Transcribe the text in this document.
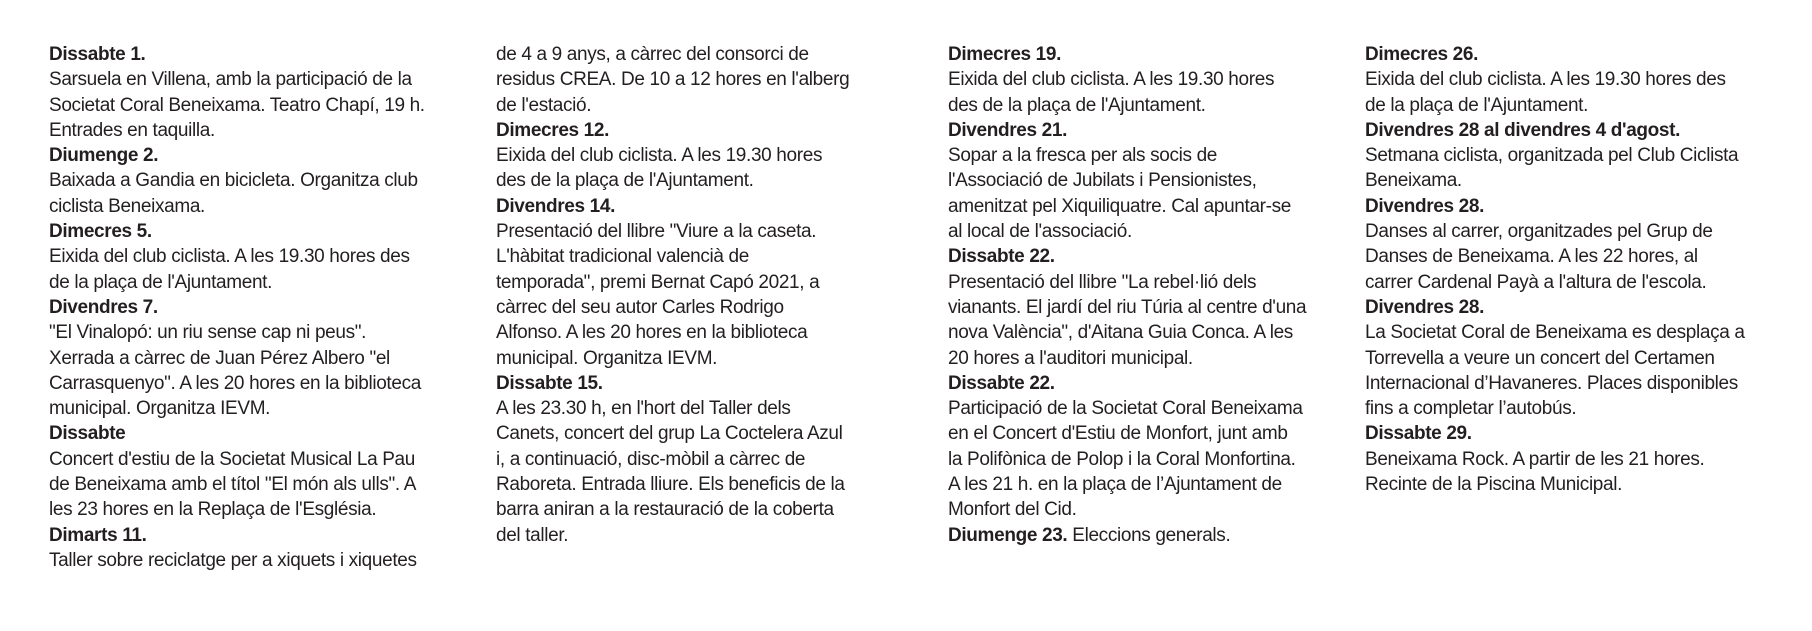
Dissabte 1.
Sarsuela en Villena, amb la participació de la
Societat Coral Beneixama. Teatro Chapí, 19 h.
Entrades en taquilla.
Diumenge 2.
Baixada a Gandia en bicicleta. Organitza club
ciclista Beneixama.
Dimecres 5.
Eixida del club ciclista. A les 19.30 hores des
de la plaça de l'Ajuntament.
Divendres 7.
"El Vinalopó: un riu sense cap ni peus".
Xerrada a càrrec de Juan Pérez Albero "el
Carrasquenyo". A les 20 hores en la biblioteca
municipal. Organitza IEVM.
Dissabte
Concert d'estiu de la Societat Musical La Pau
de Beneixama amb el títol "El món als ulls". A
les 23 hores en la Replaça de l'Església.
Dimarts 11.
Taller sobre reciclatge per a xiquets i xiquetes
de 4 a 9 anys, a càrrec del consorci de
residus CREA. De 10 a 12 hores en l'alberg
de l'estació.
Dimecres 12.
Eixida del club ciclista. A les 19.30 hores
des de la plaça de l'Ajuntament.
Divendres 14.
Presentació del llibre "Viure a la caseta.
L'hàbitat tradicional valencià de
temporada", premi Bernat Capó 2021, a
càrrec del seu autor Carles Rodrigo
Alfonso. A les 20 hores en la biblioteca
municipal. Organitza IEVM.
Dissabte 15.
A les 23.30 h, en l'hort del Taller dels
Canets, concert del grup La Coctelera Azul
i, a continuació, disc-mòbil a càrrec de
Raboreta. Entrada lliure. Els beneficis de la
barra aniran a la restauració de la coberta
del taller.
Dimecres 19.
Eixida del club ciclista. A les 19.30 hores
des de la plaça de l'Ajuntament.
Divendres 21.
Sopar a la fresca per als socis de
l'Associació de Jubilats i Pensionistes,
amenitzat pel Xiquiliquatre. Cal apuntar-se
al local de l'associació.
Dissabte 22.
Presentació del llibre "La rebel·lió dels
vianants. El jardí del riu Túria al centre d'una
nova València", d'Aitana Guia Conca. A les
20 hores a l'auditori municipal.
Dissabte 22.
Participació de la Societat Coral Beneixama
en el Concert d'Estiu de Monfort, junt amb
la Polifònica de Polop i la Coral Monfortina.
A les 21 h. en la plaça de l’Ajuntament de
Monfort del Cid.
Diumenge 23. Eleccions generals.
Dimecres 26.
Eixida del club ciclista. A les 19.30 hores des
de la plaça de l'Ajuntament.
Divendres 28 al divendres 4 d'agost.
Setmana ciclista, organitzada pel Club Ciclista
Beneixama.
Divendres 28.
Danses al carrer, organitzades pel Grup de
Danses de Beneixama. A les 22 hores, al
carrer Cardenal Payà a l'altura de l'escola.
Divendres 28.
La Societat Coral de Beneixama es desplaça a
Torrevella a veure un concert del Certamen
Internacional d’Havaneres. Places disponibles
fins a completar l’autobús.
Dissabte 29.
Beneixama Rock. A partir de les 21 hores.
Recinte de la Piscina Municipal.
